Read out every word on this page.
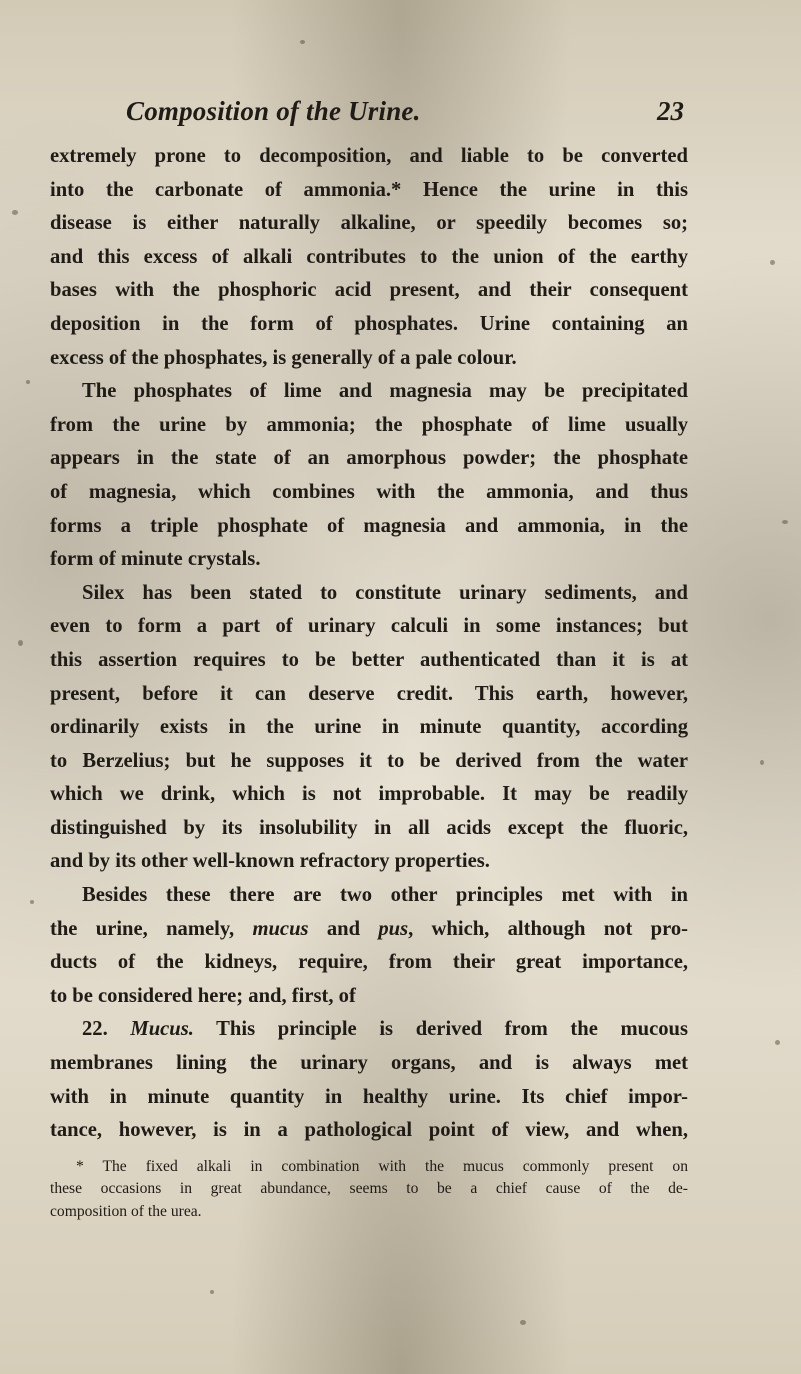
Composition of the Urine.	23
extremely prone to decomposition, and liable to be converted
into the carbonate of ammonia.* Hence the urine in this
disease is either naturally alkaline, or speedily becomes so;
and this excess of alkali contributes to the union of the earthy
bases with the phosphoric acid present, and their consequent
deposition in the form of phosphates. Urine containing an
excess of the phosphates, is generally of a pale colour.
The phosphates of lime and magnesia may be precipitated
from the urine by ammonia; the phosphate of lime usually
appears in the state of an amorphous powder; the phosphate
of magnesia, which combines with the ammonia, and thus
forms a triple phosphate of magnesia and ammonia, in the
form of minute crystals.
Silex has been stated to constitute urinary sediments, and
even to form a part of urinary calculi in some instances; but
this assertion requires to be better authenticated than it is at
present, before it can deserve credit. This earth, however,
ordinarily exists in the urine in minute quantity, according
to Berzelius; but he supposes it to be derived from the water
which we drink, which is not improbable. It may be readily
distinguished by its insolubility in all acids except the fluoric,
and by its other well-known refractory properties.
Besides these there are two other principles met with in
the urine, namely, mucus and pus, which, although not pro-
ducts of the kidneys, require, from their great importance,
to be considered here; and, first, of
22. Mucus. This principle is derived from the mucous
membranes lining the urinary organs, and is always met
with in minute quantity in healthy urine. Its chief impor-
tance, however, is in a pathological point of view, and when,
* The fixed alkali in combination with the mucus commonly present on
these occasions in great abundance, seems to be a chief cause of the de-
composition of the urea.
